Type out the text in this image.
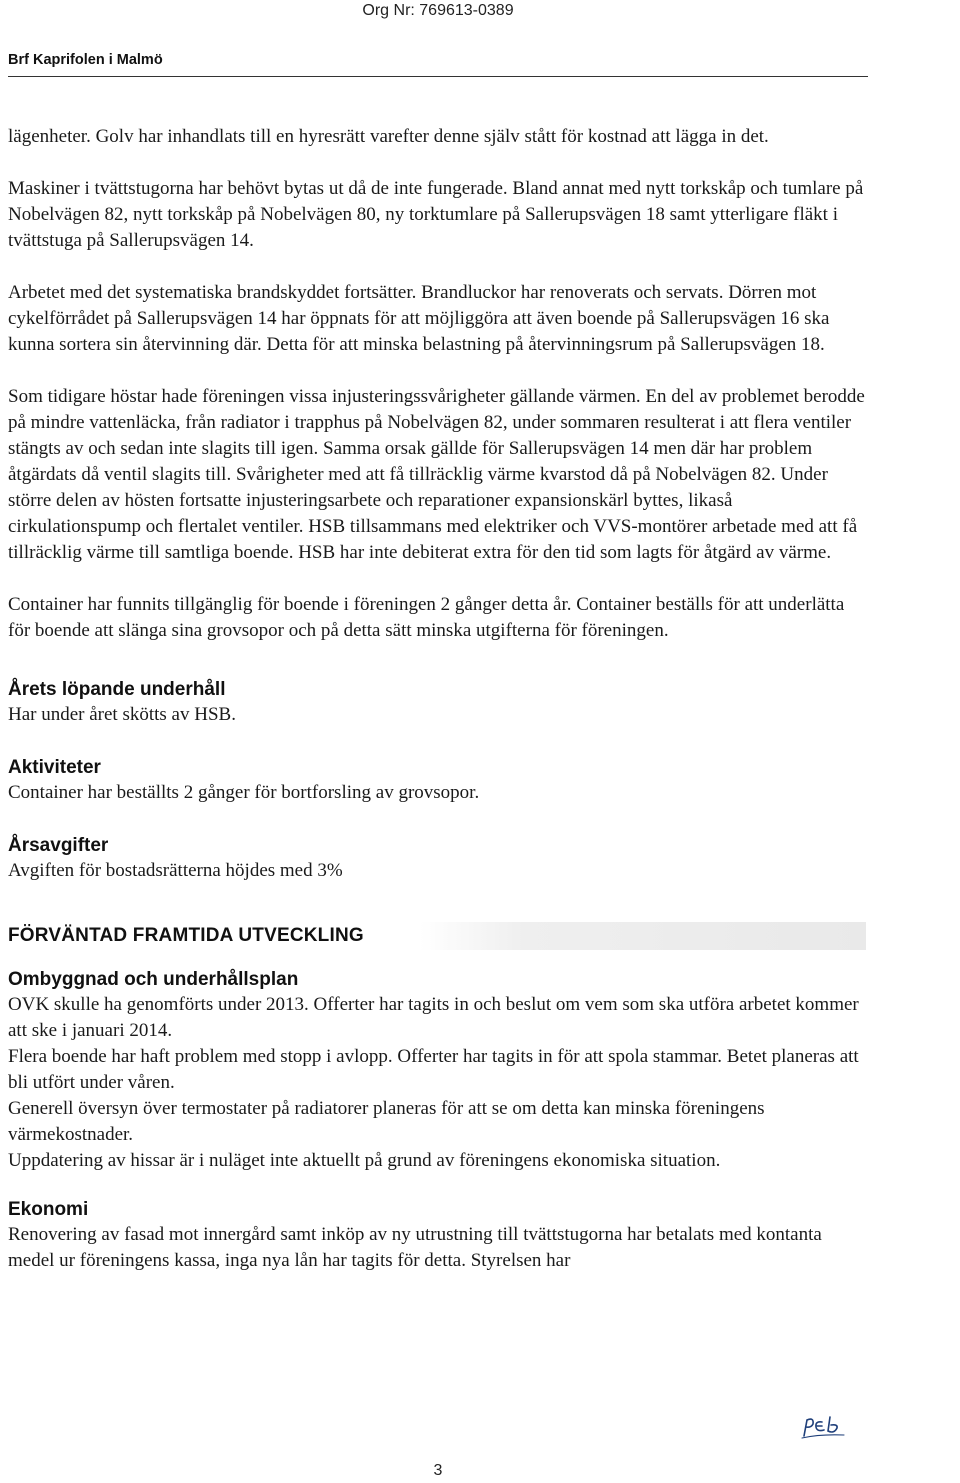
Org Nr: 769613-0389
Brf Kaprifolen i Malmö

lägenheter. Golv har inhandlats till en hyresrätt varefter denne själv stått för kostnad att lägga in det.

Maskiner i tvättstugorna har behövt bytas ut då de inte fungerade. Bland annat med nytt torkskåp och tumlare på Nobelvägen 82, nytt torkskåp på Nobelvägen 80, ny torktumlare på Sallerupsvägen 18 samt ytterligare fläkt i tvättstuga på Sallerupsvägen 14.

Arbetet med det systematiska brandskyddet fortsätter. Brandluckor har renoverats och servats. Dörren mot cykelförrådet på Sallerupsvägen 14 har öppnats för att möjliggöra att även boende på Sallerupsvägen 16 ska kunna sortera sin återvinning där. Detta för att minska belastning på återvinningsrum på Sallerupsvägen 18.

Som tidigare höstar hade föreningen vissa injusteringssvårigheter gällande värmen. En del av problemet berodde på mindre vattenläcka, från radiator i trapphus på Nobelvägen 82, under sommaren resulterat i att flera ventiler stängts av och sedan inte slagits till igen. Samma orsak gällde för Sallerupsvägen 14 men där har problem åtgärdats då ventil slagits till. Svårigheter med att få tillräcklig värme kvarstod då på Nobelvägen 82. Under större delen av hösten fortsatte injusteringsarbete och reparationer expansionskärl byttes, likaså cirkulationspump och flertalet ventiler. HSB tillsammans med elektriker och VVS-montörer arbetade med att få tillräcklig värme till samtliga boende. HSB har inte debiterat extra för den tid som lagts för åtgärd av värme.

Container har funnits tillgänglig för boende i föreningen 2 gånger detta år. Container beställs för att underlätta för boende att slänga sina grovsopor och på detta sätt minska utgifterna för föreningen.

Årets löpande underhåll

Har under året skötts av HSB.

Aktiviteter

Container har beställts 2 gånger för bortforsling av grovsopor.

Årsavgifter

Avgiften för bostadsrätterna höjdes med 3%

FÖRVÄNTAD FRAMTIDA UTVECKLING
Ombyggnad och underhållsplan

OVK skulle ha genomförts under 2013. Offerter har tagits in och beslut om vem som ska utföra arbetet kommer att ske i januari 2014.

Flera boende har haft problem med stopp i avlopp. Offerter har tagits in för att spola stammar. Betet planeras att bli utfört under våren.

Generell översyn över termostater på radiatorer planeras för att se om detta kan minska föreningens värmekostnader.

Uppdatering av hissar är i nuläget inte aktuellt på grund av föreningens ekonomiska situation.

Ekonomi

Renovering av fasad mot innergård samt inköp av ny utrustning till tvättstugorna har betalats med kontanta medel ur föreningens kassa, inga nya lån har tagits för detta. Styrelsen har

3
